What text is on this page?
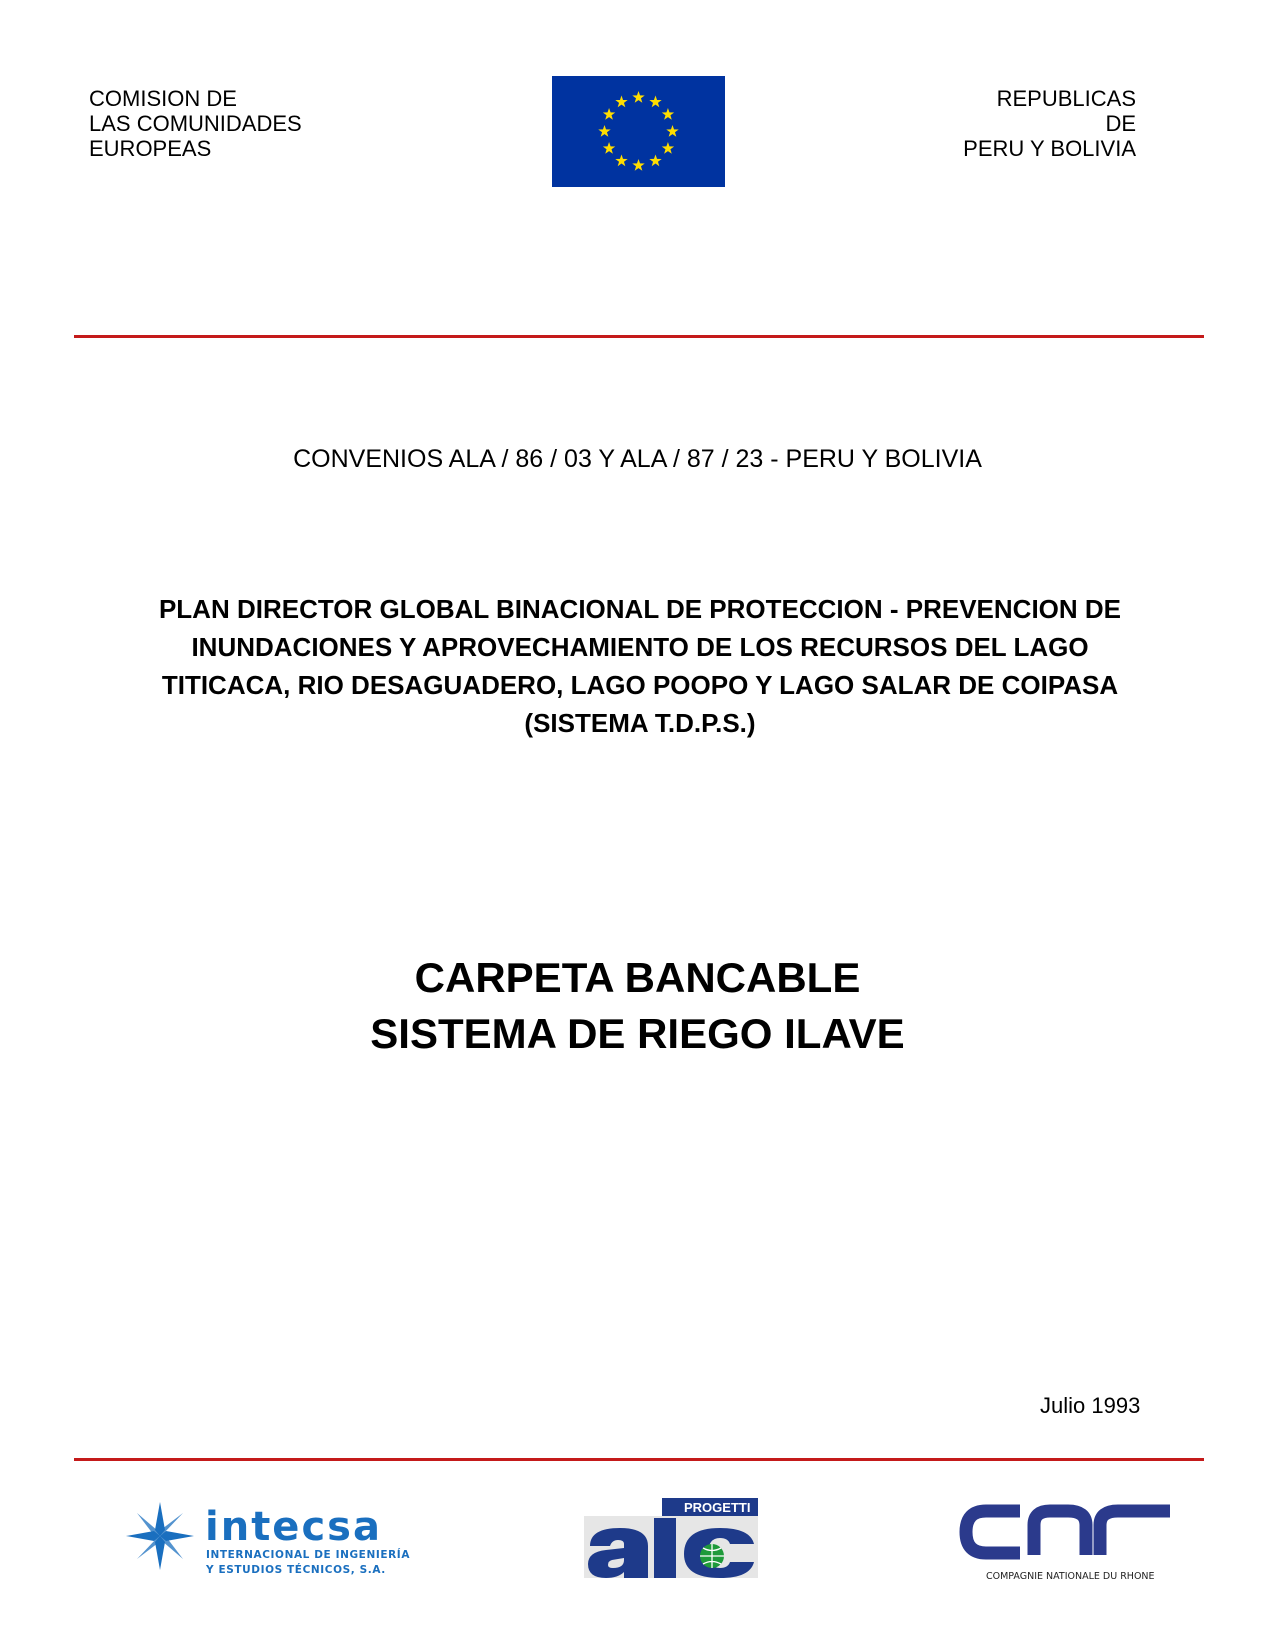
COMISION DE
LAS COMUNIDADES
EUROPEAS
REPUBLICAS
DE
PERU Y BOLIVIA
CONVENIOS ALA / 86 / 03 Y ALA / 87 / 23 - PERU Y BOLIVIA
PLAN DIRECTOR GLOBAL BINACIONAL DE PROTECCION - PREVENCION DE
INUNDACIONES Y APROVECHAMIENTO DE LOS RECURSOS DEL LAGO
TITICACA, RIO DESAGUADERO, LAGO POOPO Y LAGO SALAR DE COIPASA
(SISTEMA T.D.P.S.)
CARPETA BANCABLE
SISTEMA DE RIEGO ILAVE
Julio 1993
intecsa
INTERNACIONAL DE INGENIERÍA
Y ESTUDIOS TÉCNICOS, S.A.
PROGETTI
COMPAGNIE NATIONALE DU RHONE
